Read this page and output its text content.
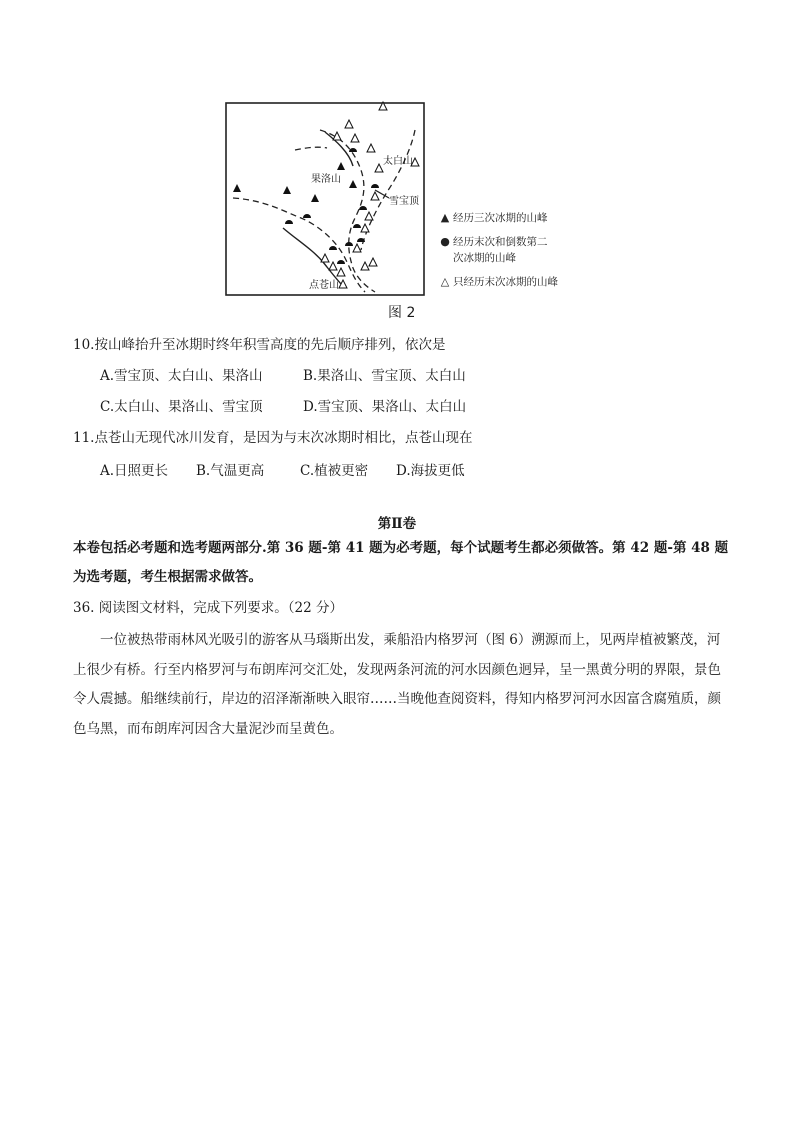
果洛山
太白山
雪宝顶
点苍山
▲ 经历三次冰期的山峰
● 经历末次和倒数第二次冰期的山峰
△ 只经历末次冰期的山峰
图 2
10.按山峰抬升至冰期时终年积雪高度的先后顺序排列，依次是
A.雪宝顶、太白山、果洛山	B.果洛山、雪宝顶、太白山
C.太白山、果洛山、雪宝顶	D.雪宝顶、果洛山、太白山
11.点苍山无现代冰川发育，是因为与末次冰期时相比，点苍山现在
A.日照更长 B.气温更高	C.植被更密 D.海拔更低
第Ⅱ卷
本卷包括必考题和选考题两部分.第 36 题-第 41 题为必考题，每个试题考生都必须做答。第 42 题-第 48 题为选考题，考生根据需求做答。
36. 阅读图文材料，完成下列要求。（22 分）
一位被热带雨林风光吸引的游客从马瑙斯出发，乘船沿内格罗河（图 6）溯源而上，见两岸植被繁茂，河上很少有桥。行至内格罗河与布朗库河交汇处，发现两条河流的河水因颜色迥异，呈一黑黄分明的界限，景色令人震撼。船继续前行，岸边的沼泽渐渐映入眼帘……当晚他查阅资料，得知内格罗河河水因富含腐殖质，颜色乌黑，而布朗库河因含大量泥沙而呈黄色。
